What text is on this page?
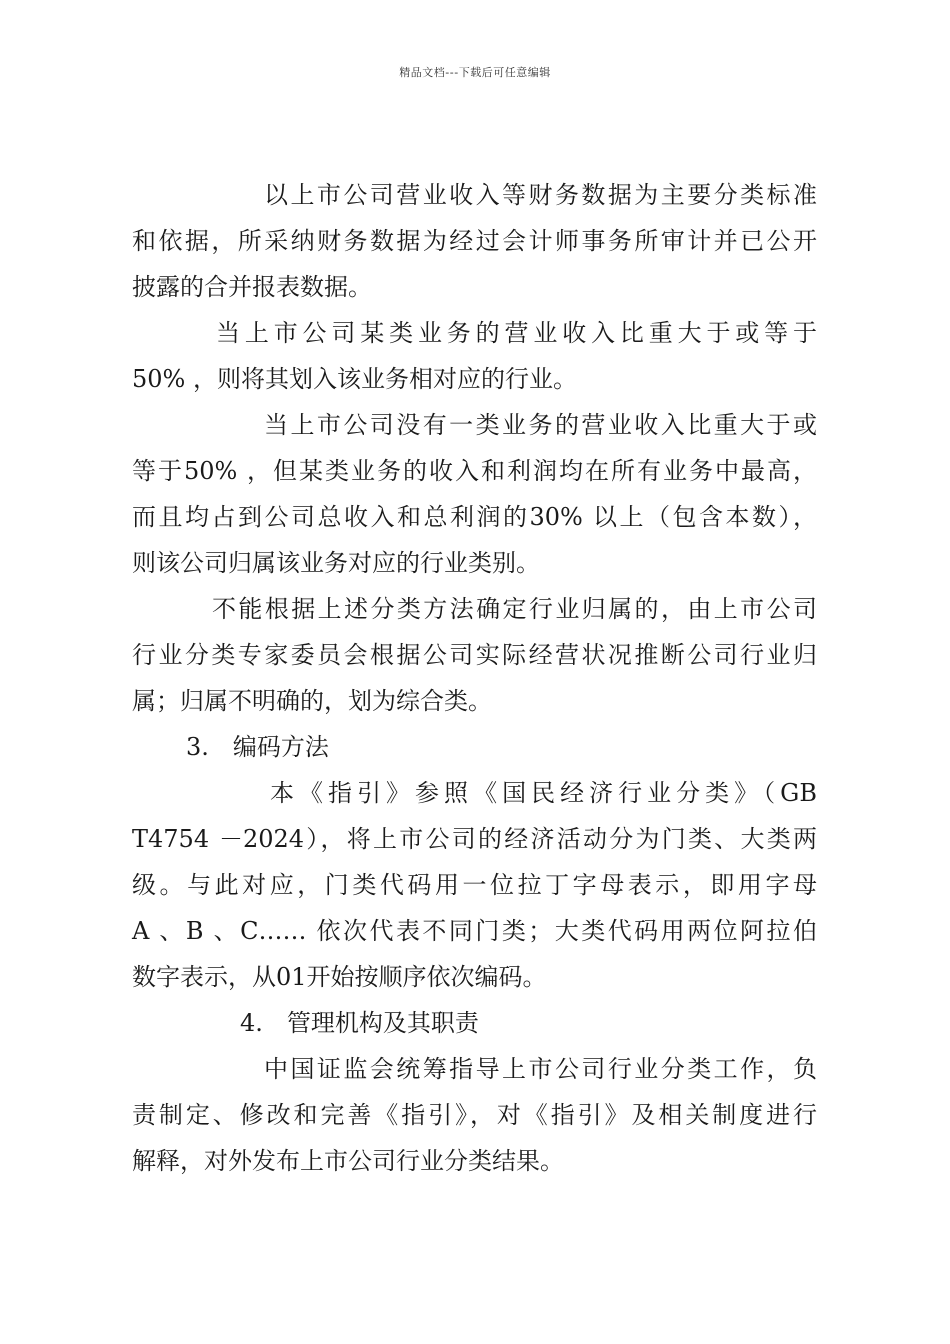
精品文档---下载后可任意编辑
以上市公司营业收入等财务数据为主要分类标准
和依据，所采纳财务数据为经过会计师事务所审计并已公开
披露的合并报表数据。
当上市公司某类业务的营业收入比重大于或等于
50% ，则将其划入该业务相对应的行业。
当上市公司没有一类业务的营业收入比重大于或
等于50% ，但某类业务的收入和利润均在所有业务中最高，
而且均占到公司总收入和总利润的30% 以上（包含本数），
则该公司归属该业务对应的行业类别。
不能根据上述分类方法确定行业归属的，由上市公司
行业分类专家委员会根据公司实际经营状况推断公司行业归
属；归属不明确的，划为综合类。
3.　编码方法
本《指引》参照《国民经济行业分类》（GB
T4754 －2024），将上市公司的经济活动分为门类、大类两
级。与此对应，门类代码用一位拉丁字母表示，即用字母
A 、B 、C…… 依次代表不同门类；大类代码用两位阿拉伯
数字表示，从01开始按顺序依次编码。
4.　管理机构及其职责
中国证监会统筹指导上市公司行业分类工作，负
责制定、修改和完善《指引》，对《指引》及相关制度进行
解释，对外发布上市公司行业分类结果。
